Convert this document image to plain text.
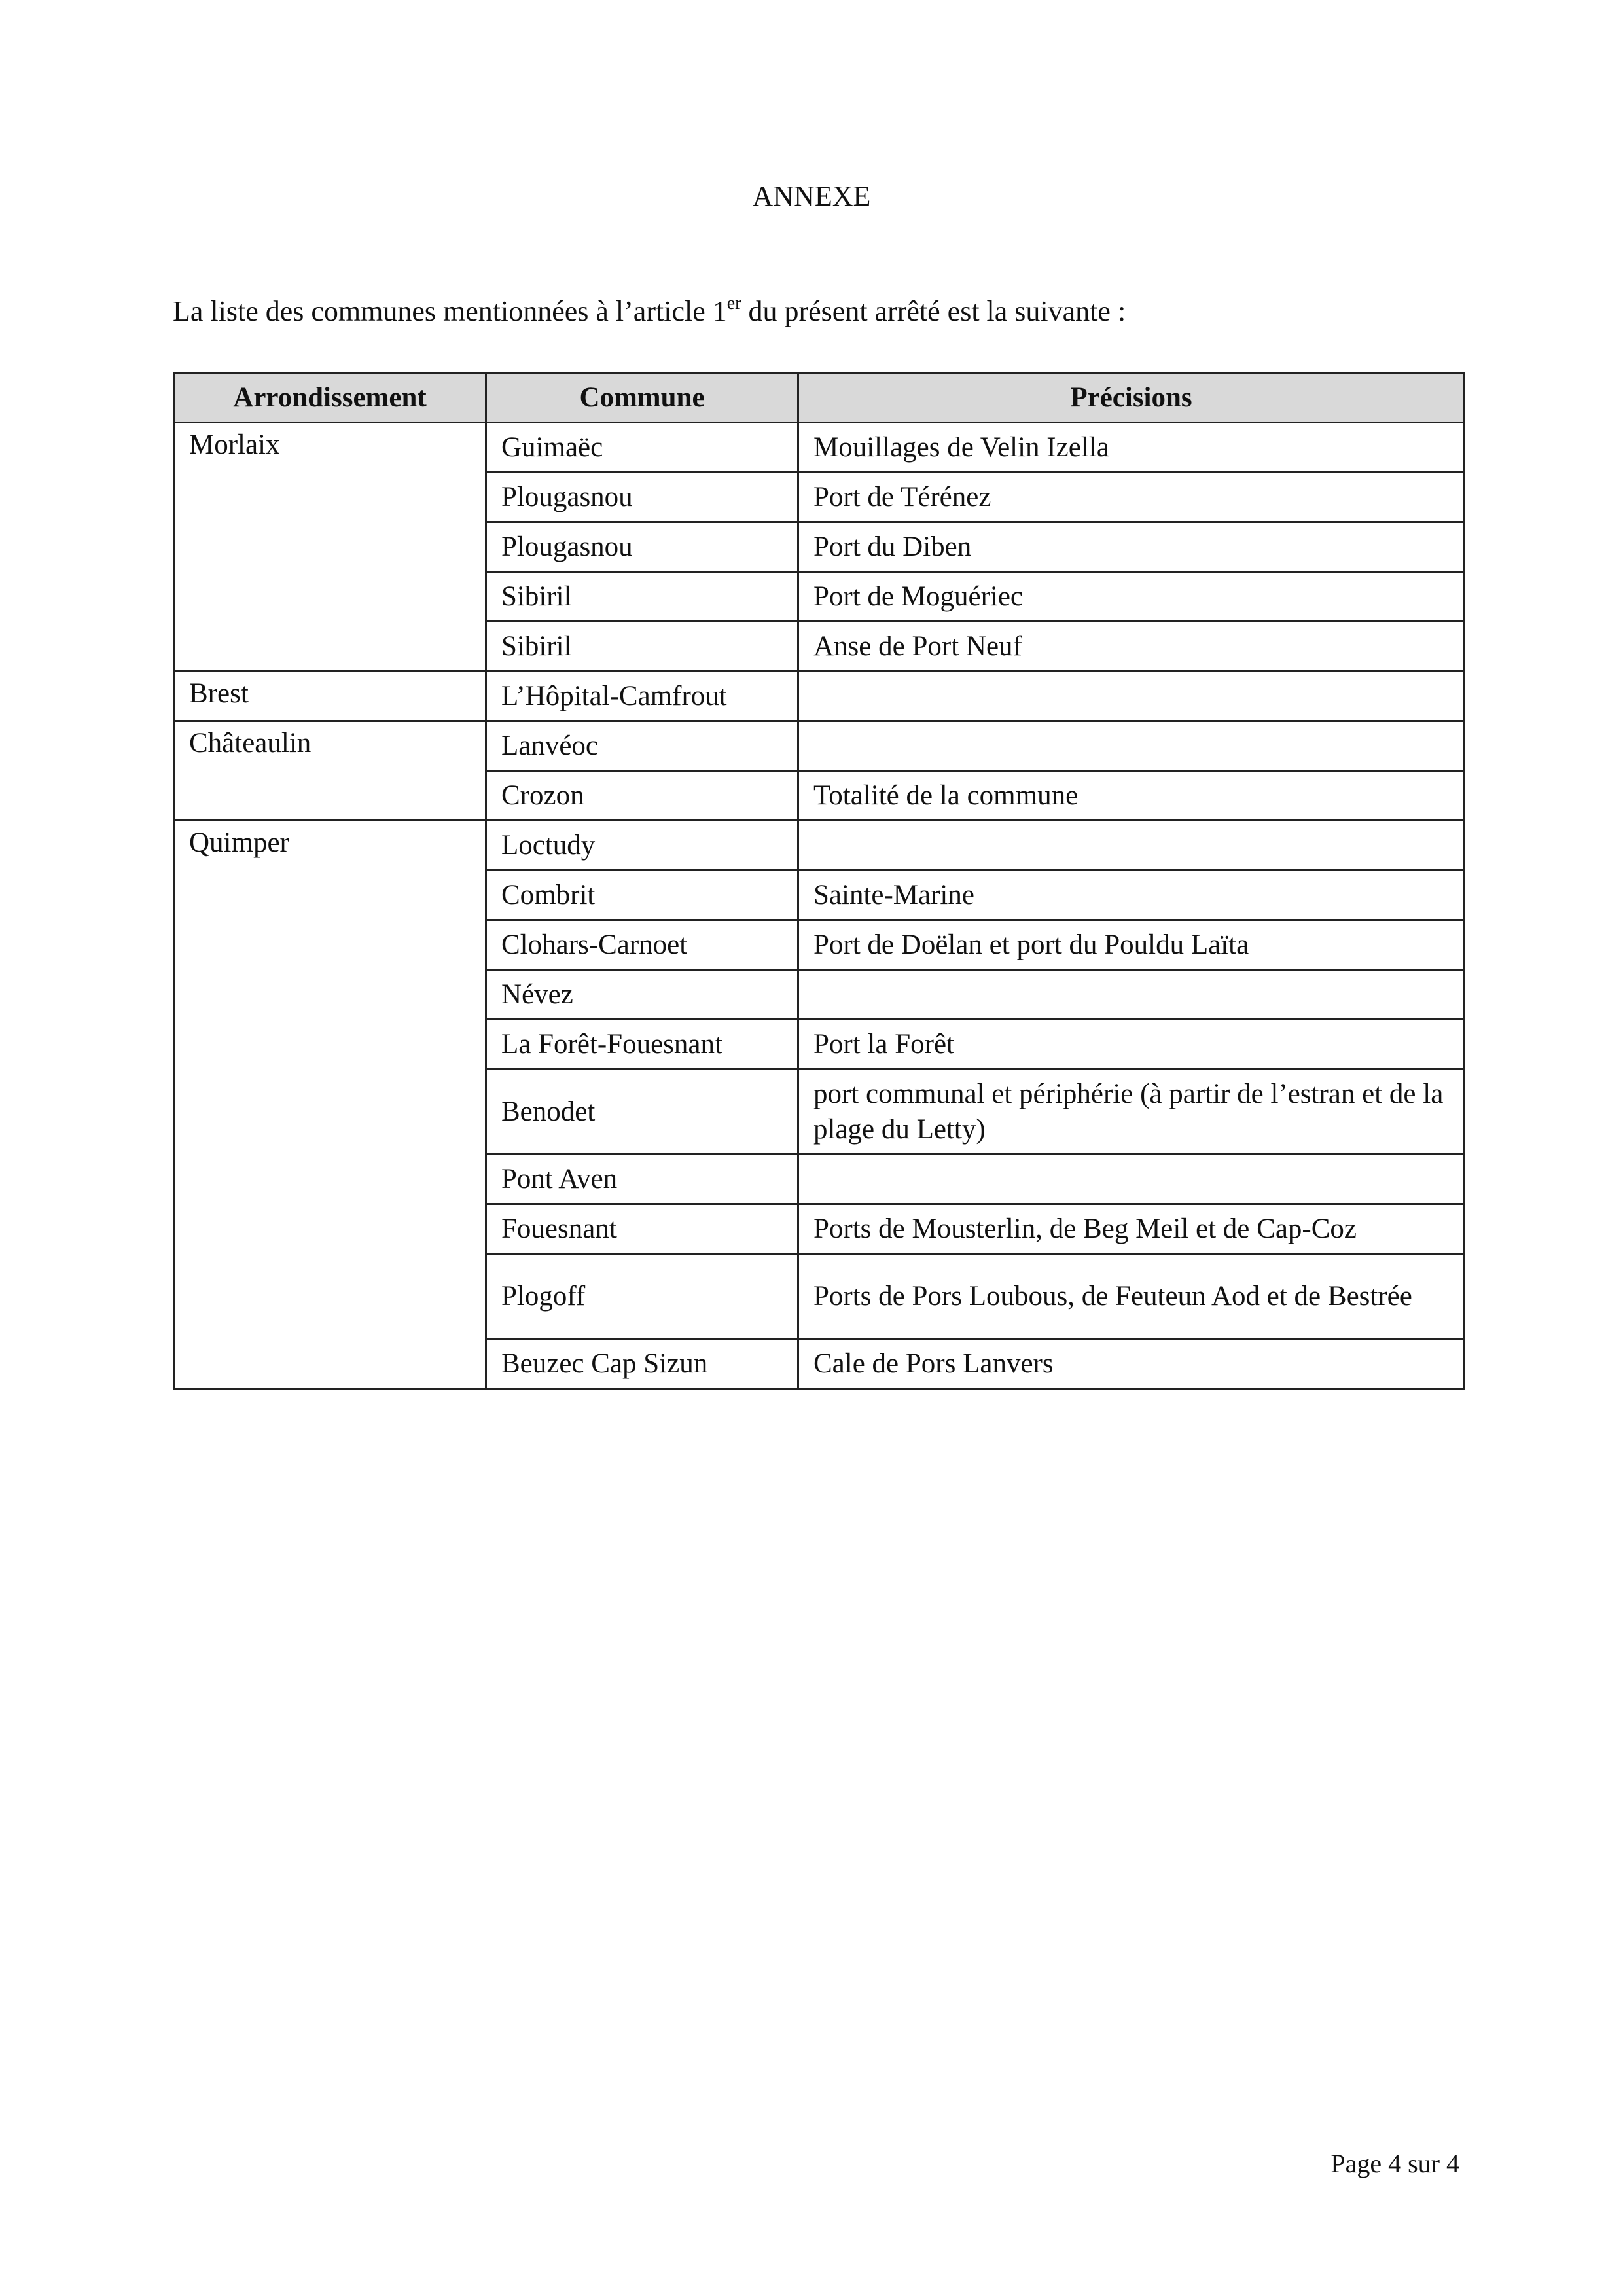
ANNEXE
La liste des communes mentionnées à l’article 1er du présent arrêté est la suivante :
Arrondissement	Commune	Précisions
Morlaix	Guimaëc	Mouillages de Velin Izella
	Plougasnou	Port de Térénez
	Plougasnou	Port du Diben
	Sibiril	Port de Moguériec
	Sibiril	Anse de Port Neuf
Brest	L’Hôpital-Camfrout	
Châteaulin	Lanvéoc	
	Crozon	Totalité de la commune
Quimper	Loctudy	
	Combrit	Sainte-Marine
	Clohars-Carnoet	Port de Doëlan et port du Pouldu Laïta
	Névez	
	La Forêt-Fouesnant	Port la Forêt
	Benodet	port communal et périphérie (à partir de l’estran et de la plage du Letty)
	Pont Aven	
	Fouesnant	Ports de Mousterlin, de Beg Meil et de Cap-Coz
	Plogoff	Ports de Pors Loubous, de Feuteun Aod et de Bestrée
	Beuzec Cap Sizun	Cale de Pors Lanvers
Page 4 sur 4
